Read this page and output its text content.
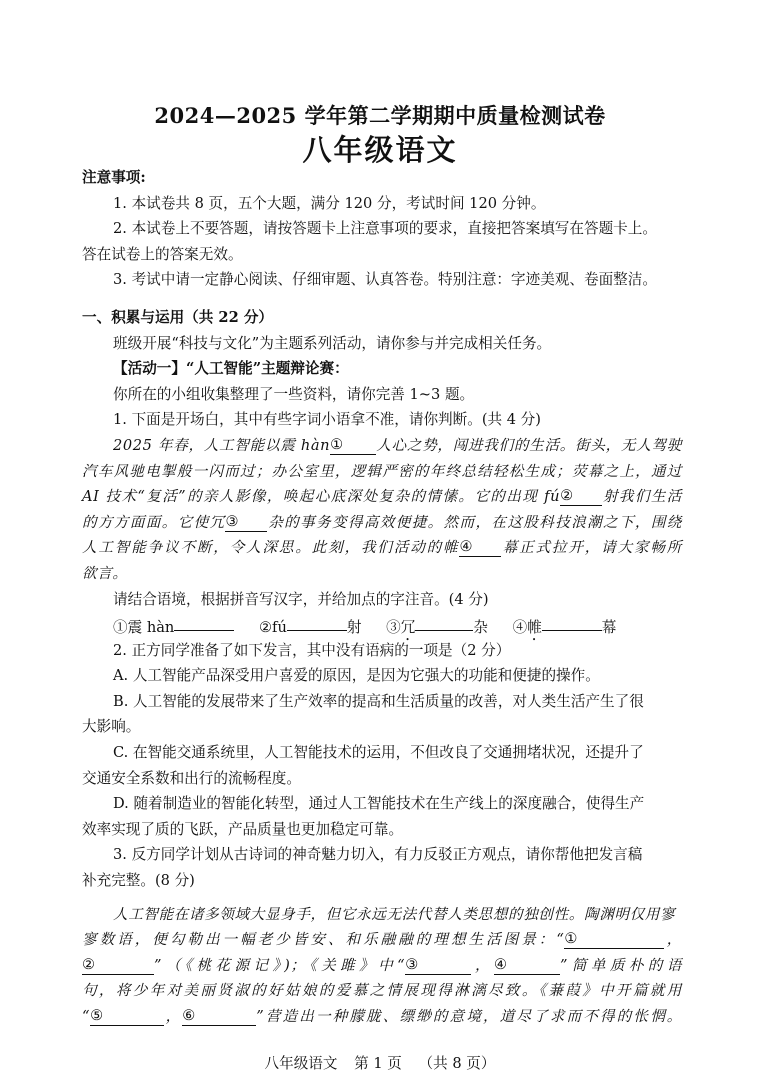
2024—2025 学年第二学期期中质量检测试卷
八年级语文
注意事项:
1. 本试卷共 8 页，五个大题，满分 120 分，考试时间 120 分钟。
2. 本试卷上不要答题，请按答题卡上注意事项的要求，直接把答案填写在答题卡上。
答在试卷上的答案无效。
3. 考试中请一定静心阅读、仔细审题、认真答卷。特别注意：字迹美观、卷面整洁。
一、积累与运用（共 22 分）
班级开展“科技与文化”为主题系列活动，请你参与并完成相关任务。
【活动一】“人工智能”主题辩论赛：
你所在的小组收集整理了一些资料，请你完善 1~3 题。
1. 下面是开场白，其中有些字词小语拿不准，请你判断。(共 4 分)
2025 年春，人工智能以震 hàn① 人心之势，闯进我们的生活。街头，无人驾驶
汽车风驰电掣般一闪而过；办公室里，逻辑严密的年终总结轻松生成；荧幕之上，通过
AI 技术“复活”的亲人影像，唤起心底深处复杂的情愫。它的出现 fú② 射我们生活
的方方面面。它使冗③ 杂的事务变得高效便捷。然而，在这股科技浪潮之下，围绕
人工智能争议不断，令人深思。此刻，我们活动的帷④ 幕正式拉开，请大家畅所
欲言。
请结合语境，根据拼音写汉字，并给加点的字注音。(4 分)
①震 hàn	②fú	射 ③冗	杂 ④帷	幕
2. 正方同学准备了如下发言，其中没有语病的一项是（2 分）
A. 人工智能产品深受用户喜爱的原因，是因为它强大的功能和便捷的操作。
B. 人工智能的发展带来了生产效率的提高和生活质量的改善，对人类生活产生了很
大影响。
C. 在智能交通系统里，人工智能技术的运用，不但改良了交通拥堵状况，还提升了
交通安全系数和出行的流畅程度。
D. 随着制造业的智能化转型，通过人工智能技术在生产线上的深度融合，使得生产
效率实现了质的飞跃，产品质量也更加稳定可靠。
3. 反方同学计划从古诗词的神奇魅力切入，有力反驳正方观点，请你帮他把发言稿
补充完整。(8 分)
人工智能在诸多领域大显身手，但它永远无法代替人类思想的独创性。陶渊明仅用寥
寥数语，便勾勒出一幅老少皆安、和乐融融的理想生活图景：“①	，
②	”（《桃花源记》)；《关雎》中“③	，④	”简单质朴的语
句，将少年对美丽贤淑的好姑娘的爱慕之情展现得淋漓尽致。《蒹葭》中开篇就用
“⑤	，⑥	”营造出一种朦胧、缥缈的意境，道尽了求而不得的怅惘。
八年级语文 第 1 页 （共 8 页）
